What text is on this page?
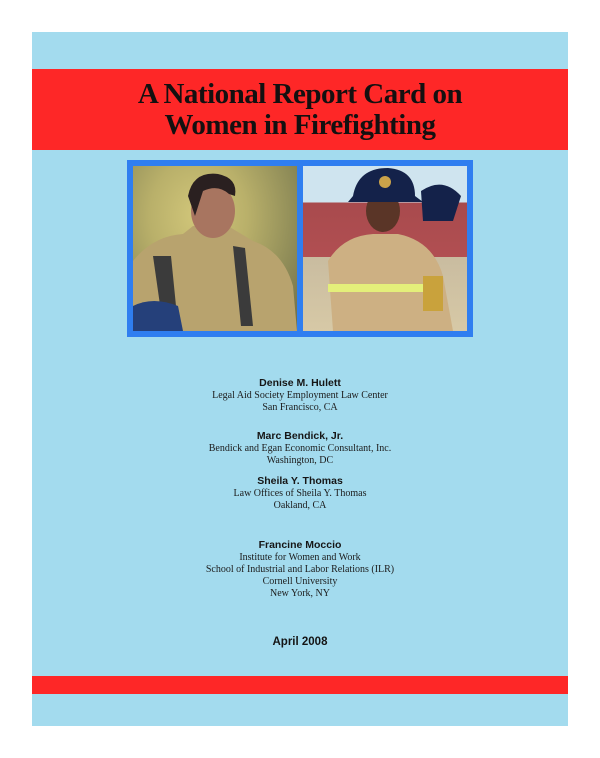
A National Report Card on
Women in Firefighting
Denise M. Hulett
Legal Aid Society Employment Law Center
San Francisco, CA
Marc Bendick, Jr.
Bendick and Egan Economic Consultant, Inc.
Washington, DC
Sheila Y. Thomas
Law Offices of Sheila Y. Thomas
Oakland, CA
Francine Moccio
Institute for Women and Work
School of Industrial and Labor Relations (ILR)
Cornell University
New York, NY
April 2008
